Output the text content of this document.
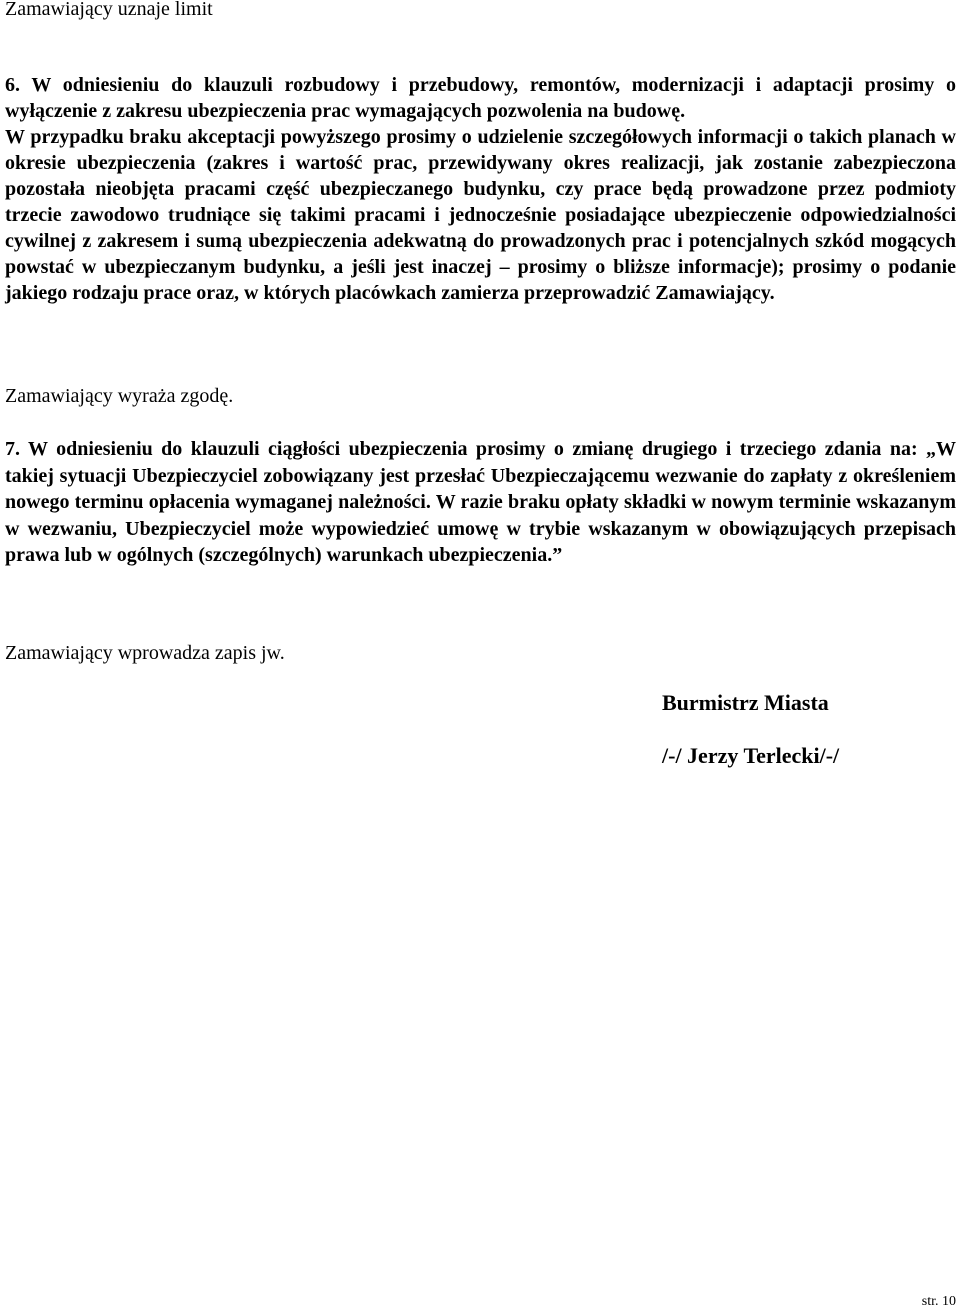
Zamawiający uznaje limit
6. W odniesieniu do klauzuli rozbudowy i przebudowy, remontów, modernizacji i adaptacji prosimy o wyłączenie z zakresu ubezpieczenia prac wymagających pozwolenia na budowę.
W przypadku braku akceptacji powyższego prosimy o udzielenie szczegółowych informacji o takich planach w okresie ubezpieczenia (zakres i wartość prac, przewidywany okres realizacji, jak zostanie zabezpieczona pozostała nieobjęta pracami część ubezpieczanego budynku, czy prace będą prowadzone przez podmioty trzecie zawodowo trudniące się takimi pracami i jednocześnie posiadające ubezpieczenie odpowiedzialności cywilnej z zakresem i sumą ubezpieczenia adekwatną do prowadzonych prac i potencjalnych szkód mogących powstać w ubezpieczanym budynku, a jeśli jest inaczej – prosimy o bliższe informacje); prosimy o podanie jakiego rodzaju prace oraz, w których placówkach zamierza przeprowadzić Zamawiający.
Zamawiający wyraża zgodę.
7. W odniesieniu do klauzuli ciągłości ubezpieczenia prosimy o zmianę drugiego i trzeciego zdania na: „W takiej sytuacji Ubezpieczyciel zobowiązany jest przesłać Ubezpieczającemu wezwanie do zapłaty z określeniem nowego terminu opłacenia wymaganej należności. W razie braku opłaty składki w nowym terminie wskazanym w wezwaniu, Ubezpieczyciel może wypowiedzieć umowę w trybie wskazanym w obowiązujących przepisach prawa lub w ogólnych (szczególnych) warunkach ubezpieczenia.”
Zamawiający wprowadza zapis jw.
Burmistrz Miasta
/-/ Jerzy Terlecki/-/
str. 10
